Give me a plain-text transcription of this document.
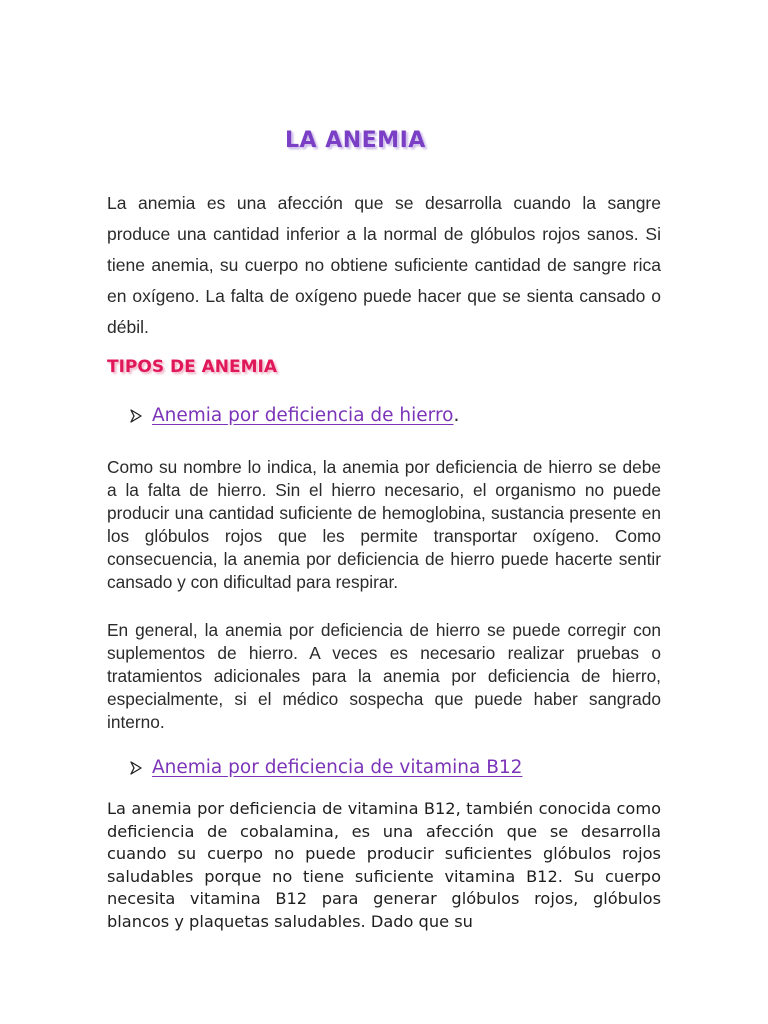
LA ANEMIA

La anemia es una afección que se desarrolla cuando la sangre produce una cantidad inferior a la normal de glóbulos rojos sanos. Si tiene anemia, su cuerpo no obtiene suficiente cantidad de sangre rica en oxígeno. La falta de oxígeno puede hacer que se sienta cansado o débil.

TIPOS DE ANEMIA
Anemia por deficiencia de hierro .

Como su nombre lo indica, la anemia por deficiencia de hierro se debe a la falta de hierro. Sin el hierro necesario, el organismo no puede producir una cantidad suficiente de hemoglobina, sustancia presente en los glóbulos rojos que les permite transportar oxígeno. Como consecuencia, la anemia por deficiencia de hierro puede hacerte sentir cansado y con dificultad para respirar.

En general, la anemia por deficiencia de hierro se puede corregir con suplementos de hierro. A veces es necesario realizar pruebas o tratamientos adicionales para la anemia por deficiencia de hierro, especialmente, si el médico sospecha que puede haber sangrado interno.

Anemia por deficiencia de vitamina B12

La anemia por deficiencia de vitamina B12, también conocida como deficiencia de cobalamina, es una afección que se desarrolla cuando su cuerpo no puede producir suficientes glóbulos rojos saludables porque no tiene suficiente vitamina B12. Su cuerpo necesita vitamina B12 para generar glóbulos rojos, glóbulos blancos y plaquetas saludables. Dado que su
